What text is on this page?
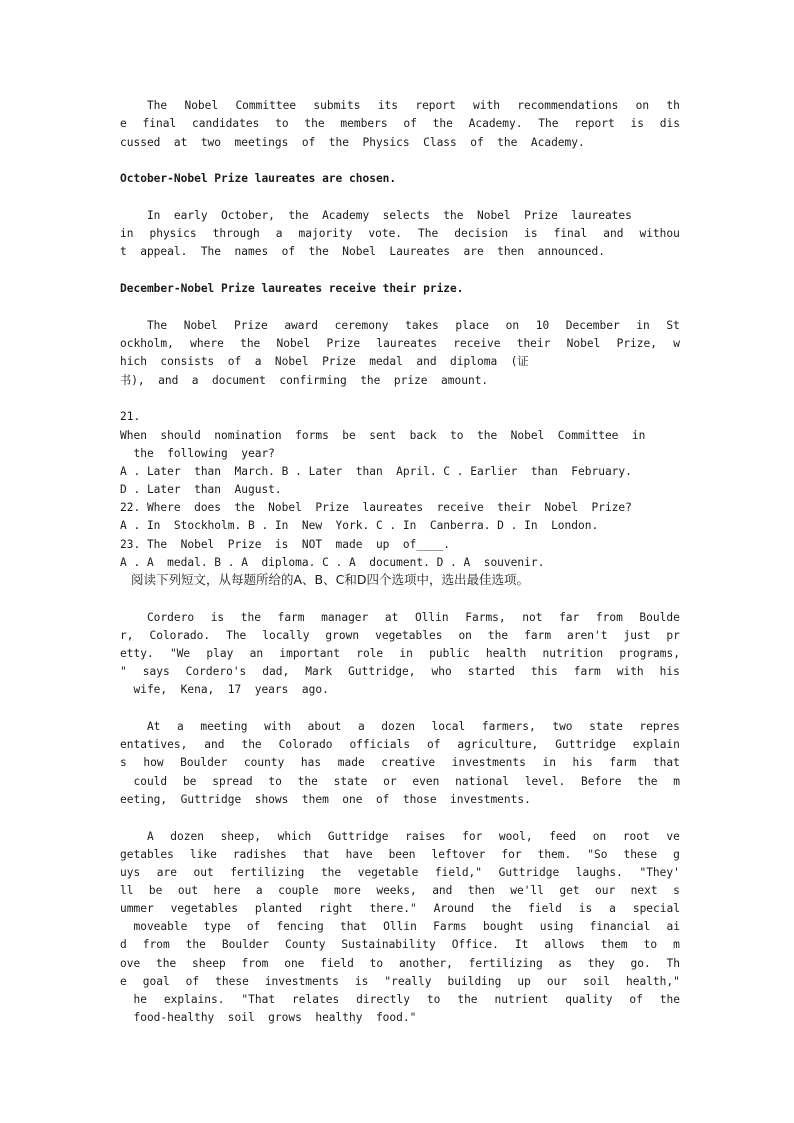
The Nobel Committee submits its report with recommendations on th
e final candidates to the members of the Academy. The report is dis
cussed  at  two  meetings  of  the  Physics  Class  of  the  Academy.
October-Nobel Prize laureates are chosen.
In  early  October,  the  Academy  selects  the  Nobel  Prize  laureates
in physics through a majority vote. The decision is final and withou
t  appeal.  The  names  of  the  Nobel  Laureates  are  then  announced.
December-Nobel Prize laureates receive their prize.
The Nobel Prize award ceremony takes place on 10 December in St
ockholm, where the Nobel Prize laureates receive their Nobel Prize, w
hich  consists  of  a  Nobel  Prize  medal  and  diploma  (证
书),  and  a  document  confirming  the  prize  amount.
21.
When  should  nomination  forms  be  sent  back  to  the  Nobel  Committee  in
the  following  year?
A . Later  than  March. B . Later  than  April. C . Earlier  than  February.
D . Later  than  August.
22. Where  does  the  Nobel  Prize  laureates  receive  their  Nobel  Prize?
A . In  Stockholm. B . In  New  York. C . In  Canberra. D . In  London.
23. The  Nobel  Prize  is  NOT  made  up  of____.
A . A  medal. B . A  diploma. C . A  document. D . A  souvenir.
阅读下列短文，从每题所给的A、B、C和D四个选项中，选出最佳选项。
Cordero is the farm manager at Ollin Farms, not far from Boulde
r, Colorado. The locally grown vegetables on the farm aren't just pr
etty. "We play an important role in public health nutrition programs,
" says Cordero's dad, Mark Guttridge, who started this farm with his
wife,  Kena,  17  years  ago.
At a meeting with about a dozen local farmers, two state repres
entatives, and the Colorado officials of agriculture, Guttridge explain
s how Boulder county has made creative investments in his farm that
could be spread to the state or even national level. Before the m
eeting,  Guttridge  shows  them  one  of  those  investments.
A dozen sheep, which Guttridge raises for wool, feed on root ve
getables like radishes that have been leftover for them. "So these g
uys are out fertilizing the vegetable field," Guttridge laughs. "They'
ll be out here a couple more weeks, and then we'll get our next s
ummer vegetables planted right there." Around the field is a special
moveable type of fencing that Ollin Farms bought using financial ai
d from the Boulder County Sustainability Office. It allows them to m
ove the sheep from one field to another, fertilizing as they go. Th
e goal of these investments is "really building up our soil health,"
he explains. "That relates directly to the nutrient quality of the
food-healthy  soil  grows  healthy  food."
